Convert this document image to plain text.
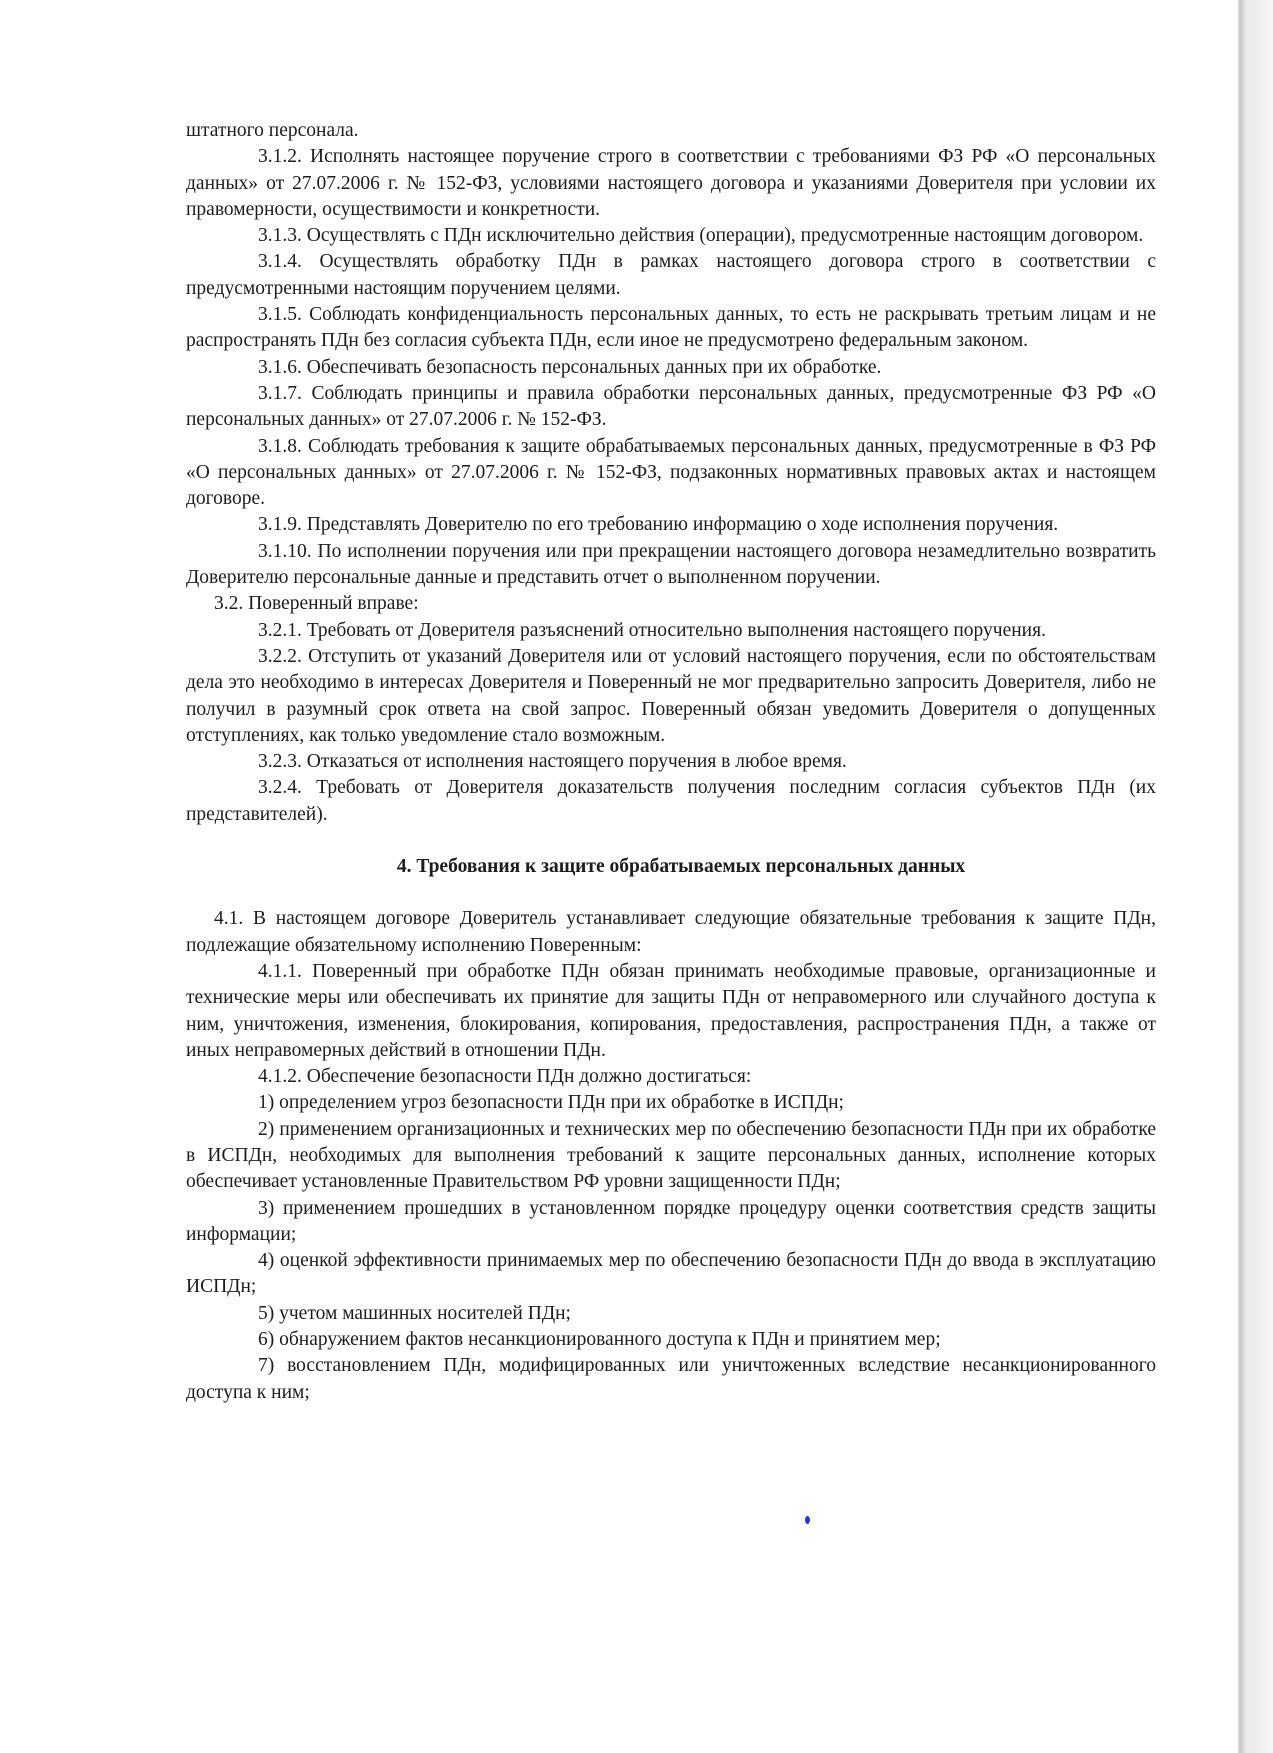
штатного персонала.

3.1.2. Исполнять настоящее поручение строго в соответствии с требованиями ФЗ РФ «О персональных данных» от 27.07.2006 г. № 152-ФЗ, условиями настоящего договора и указаниями Доверителя при условии их правомерности, осуществимости и конкретности.

3.1.3. Осуществлять с ПДн исключительно действия (операции), предусмотренные настоящим договором.

3.1.4. Осуществлять обработку ПДн в рамках настоящего договора строго в соответствии с предусмотренными настоящим поручением целями.

3.1.5. Соблюдать конфиденциальность персональных данных, то есть не раскрывать третьим лицам и не распространять ПДн без согласия субъекта ПДн, если иное не предусмотрено федеральным законом.

3.1.6. Обеспечивать безопасность персональных данных при их обработке.

3.1.7. Соблюдать принципы и правила обработки персональных данных, предусмотренные ФЗ РФ «О персональных данных» от 27.07.2006 г. № 152-ФЗ.

3.1.8. Соблюдать требования к защите обрабатываемых персональных данных, предусмотренные в ФЗ РФ «О персональных данных» от 27.07.2006 г. № 152-ФЗ, подзаконных нормативных правовых актах и настоящем договоре.

3.1.9. Представлять Доверителю по его требованию информацию о ходе исполнения поручения.

3.1.10. По исполнении поручения или при прекращении настоящего договора незамедлительно возвратить Доверителю персональные данные и представить отчет о выполненном поручении.

3.2. Поверенный вправе:

3.2.1. Требовать от Доверителя разъяснений относительно выполнения настоящего поручения.

3.2.2. Отступить от указаний Доверителя или от условий настоящего поручения, если по обстоятельствам дела это необходимо в интересах Доверителя и Поверенный не мог предварительно запросить Доверителя, либо не получил в разумный срок ответа на свой запрос. Поверенный обязан уведомить Доверителя о допущенных отступлениях, как только уведомление стало возможным.

3.2.3. Отказаться от исполнения настоящего поручения в любое время.

3.2.4. Требовать от Доверителя доказательств получения последним согласия субъектов ПДн (их представителей).

4. Требования к защите обрабатываемых персональных данных

4.1. В настоящем договоре Доверитель устанавливает следующие обязательные требования к защите ПДн, подлежащие обязательному исполнению Поверенным:

4.1.1. Поверенный при обработке ПДн обязан принимать необходимые правовые, организационные и технические меры или обеспечивать их принятие для защиты ПДн от неправомерного или случайного доступа к ним, уничтожения, изменения, блокирования, копирования, предоставления, распространения ПДн, а также от иных неправомерных действий в отношении ПДн.

4.1.2. Обеспечение безопасности ПДн должно достигаться:

1) определением угроз безопасности ПДн при их обработке в ИСПДн;

2) применением организационных и технических мер по обеспечению безопасности ПДн при их обработке в ИСПДн, необходимых для выполнения требований к защите персональных данных, исполнение которых обеспечивает установленные Правительством РФ уровни защищенности ПДн;

3) применением прошедших в установленном порядке процедуру оценки соответствия средств защиты информации;

4) оценкой эффективности принимаемых мер по обеспечению безопасности ПДн до ввода в эксплуатацию ИСПДн;

5) учетом машинных носителей ПДн;

6) обнаружением фактов несанкционированного доступа к ПДн и принятием мер;

7) восстановлением ПДн, модифицированных или уничтоженных вследствие несанкционированного доступа к ним;
